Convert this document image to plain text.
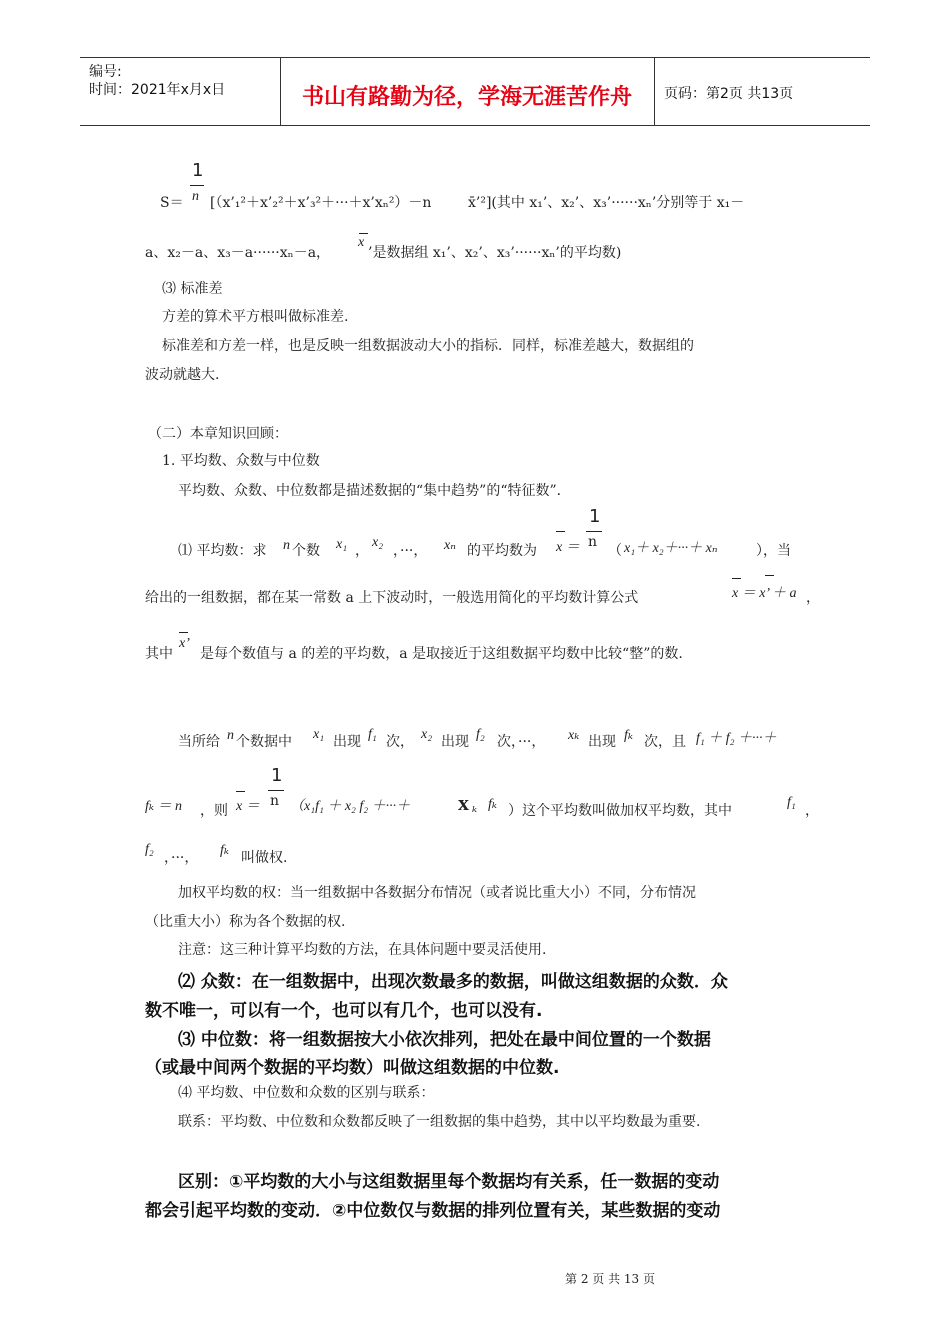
编号:
时间：2021年x月x日	书山有路勤为径，学海无涯苦作舟 页码：第2页 共13页
1
n
S＝ [（x’₁²＋x’₂²＋x’₃²＋···＋x’xₙ²）－n	x̄’²](其中 x₁’、x₂’、x₃’······xₙ’分别等于 x₁－
a、x₂－a、x₃－a······xₙ－a，
x
’是数据组 x₁’、x₂’、x₃’······xₙ’的平均数)
⑶ 标准差
方差的算术平方根叫做标准差.
标准差和方差一样，也是反映一组数据波动大小的指标．同样，标准差越大，数据组的
波动就越大.
（二）本章知识回顾：
1. 平均数、众数与中位数
平均数、众数、中位数都是描述数据的“集中趋势”的“特征数”．
⑴ 平均数：求 n 个数 x₁ ，
x₂
，···， xₙ 的平均数为 x ＝
1
n
（ x₁＋ x₂＋···＋ xₙ	），当
给出的一组数据，都在某一常数 a 上下波动时，一般选用简化的平均数计算公式	x ＝ x’ ＋ a ，
其中
x’
是每个数值与 a 的差的平均数，a 是取接近于这组数据平均数中比较“整”的数.
当所给 n 个数据中 x₁ 出现 f₁ 次， x₂ 出现 f₂ 次，···， xₖ 出现 fₖ 次，且 f₁ ＋ f₂ ＋···＋
fₖ ＝ n ，则 x ＝
1
n （x₁f₁ ＋ x₂ f₂ ＋···＋ x ₖ fₖ ）这个平均数叫做加权平均数，其中
f₁
，
f₂
，···， fₖ 叫做权.
加权平均数的权：当一组数据中各数据分布情况（或者说比重大小）不同，分布情况
（比重大小）称为各个数据的权.
注意：这三种计算平均数的方法，在具体问题中要灵活使用.
⑵ 众数：在一组数据中，出现次数最多的数据，叫做这组数据的众数．众
数不唯一，可以有一个，也可以有几个，也可以没有.
⑶ 中位数：将一组数据按大小依次排列，把处在最中间位置的一个数据
（或最中间两个数据的平均数）叫做这组数据的中位数.
⑷ 平均数、中位数和众数的区别与联系：
联系：平均数、中位数和众数都反映了一组数据的集中趋势，其中以平均数最为重要.
区别：①平均数的大小与这组数据里每个数据均有关系，任一数据的变动
都会引起平均数的变动．②中位数仅与数据的排列位置有关，某些数据的变动
第 2 页 共 13 页
